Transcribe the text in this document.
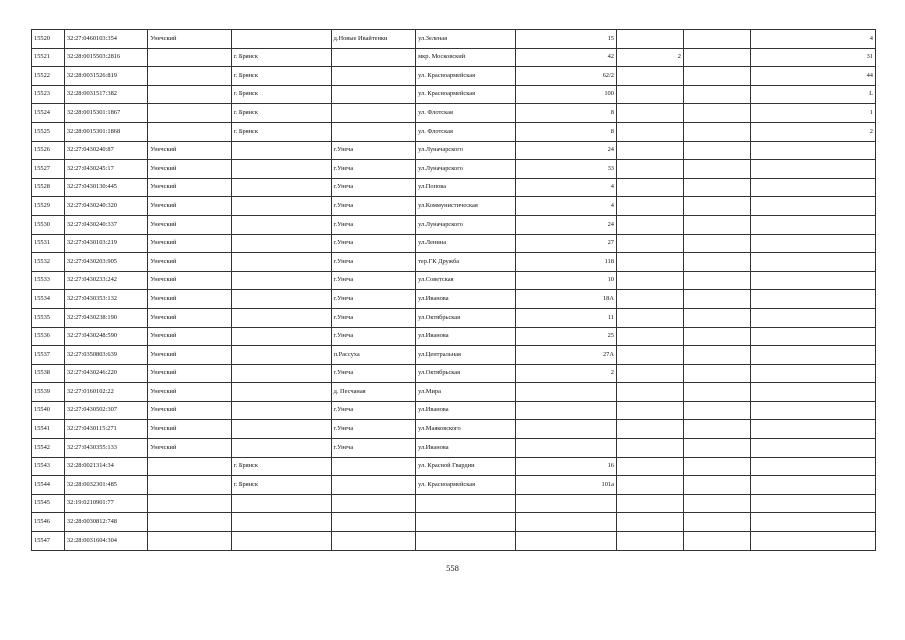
15520	32:27:0460103:354	Унечский		д.Новые Ивайтенки	ул.Зеленая	15			4
15521	32:28:0015503:2816		г. Брянск		мкр. Московский	42	2		31
15522	32:28:0031526:819		г. Брянск		ул. Красноармейская	62/2			44
15523	32:28:0031517:382		г. Брянск		ул. Красноармейская	100			L
15524	32:28:0015301:1867		г. Брянск		ул. Флотская	8			1
15525	32:28:0015301:1868		г. Брянск		ул. Флотская	8			2
15526	32:27:0430240:87	Унечский		г.Унеча	ул.Луначарского	24			
15527	32:27:0430245:17	Унечский		г.Унеча	ул.Луначарского	33			
15528	32:27:0430130:445	Унечский		г.Унеча	ул.Попова	4			
15529	32:27:0430240:320	Унечский		г.Унеча	ул.Коммунистическая	4			
15530	32:27:0430240:337	Унечский		г.Унеча	ул.Луначарского	24			
15531	32:27:0430103:219	Унечский		г.Унеча	ул.Ленина	27			
15532	32:27:0430203:905	Унечский		г.Унеча	тер.ГК Дружба	118			
15533	32:27:0430233:242	Унечский		г.Унеча	ул.Советская	10			
15534	32:27:0430353:132	Унечский		г.Унеча	ул.Иванова	18А			
15535	32:27:0430238:190	Унечский		г.Унеча	ул.Октябрьская	11			
15536	32:27:0430248:590	Унечский		г.Унеча	ул.Иванова	25			
15537	32:27:0350803:639	Унечский		п.Рассуха	ул.Центральная	27А			
15538	32:27:0430246:220	Унечский		г.Унеча	ул.Октябрьская	2			
15539	32:27:0160102:22	Унечский		д. Песчаная	ул.Мира				
15540	32:27:0430502:307	Унечский		г.Унеча	ул.Иванова				
15541	32:27:0430115:271	Унечский		г.Унеча	ул.Маяковского				
15542	32:27:0430355:133	Унечский		г.Унеча	ул.Иванова				
15543	32:28:0021314:34		г. Брянск		ул. Красной Гвардии	16			
15544	32:28:0032301:485		г. Брянск		ул. Красноармейская	101а			
15545	32:19:0210901:77								
15546	32:28:0030812:748								
15547	32:28:0031604:304								
558
